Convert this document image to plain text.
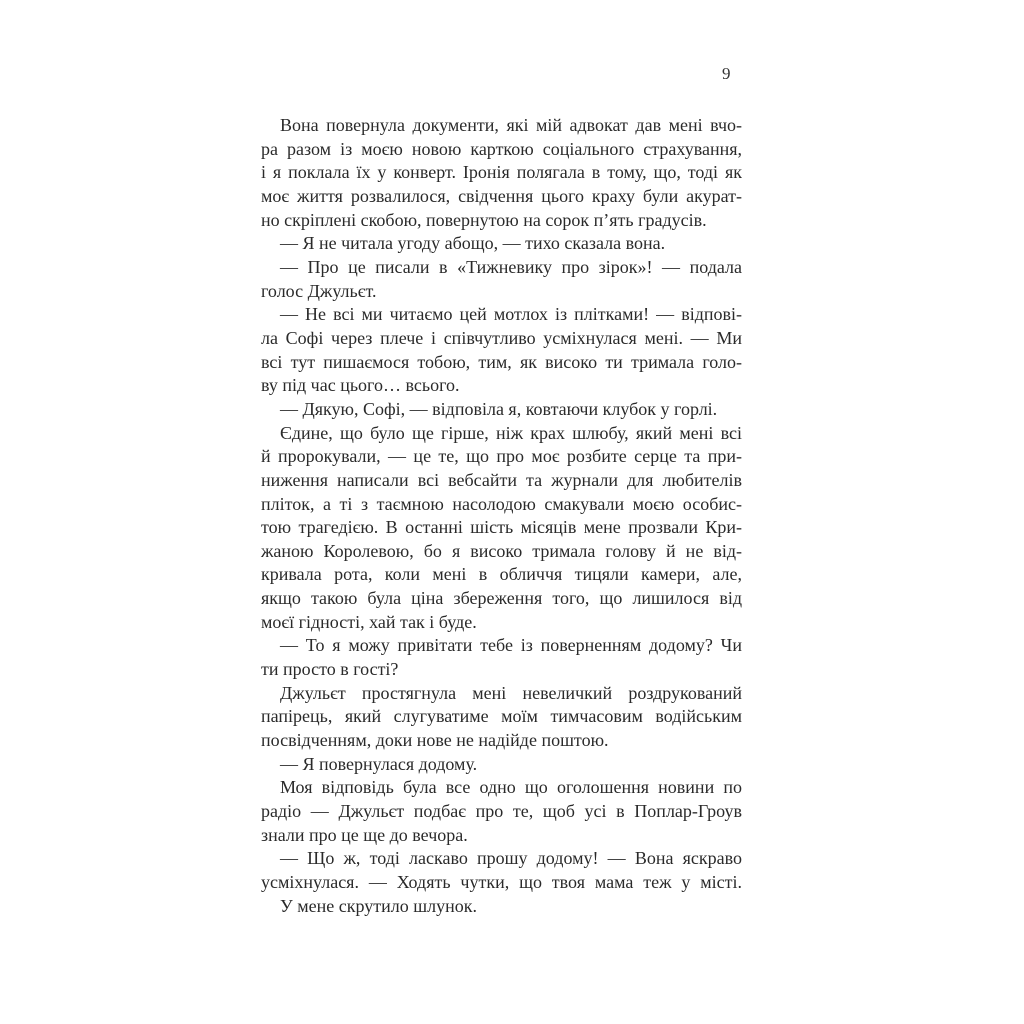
9
Вона повернула документи, які мій адвокат дав мені вчо-
ра разом із моєю новою карткою соціального страхування,
і я поклала їх у конверт. Іронія полягала в тому, що, тоді як
моє життя розвалилося, свідчення цього краху були акурат-
но скріплені скобою, повернутою на сорок п’ять градусів.
— Я не читала угоду абощо, — тихо сказала вона.
— Про це писали в «Тижневику про зірок»! — подала
голос Джульєт.
— Не всі ми читаємо цей мотлох із плітками! — відпові-
ла Софі через плече і співчутливо усміхнулася мені. — Ми
всі тут пишаємося тобою, тим, як високо ти тримала голо-
ву під час цього… всього.
— Дякую, Софі, — відповіла я, ковтаючи клубок у горлі.
Єдине, що було ще гірше, ніж крах шлюбу, який мені всі
й пророкували, — це те, що про моє розбите серце та при-
ниження написали всі вебсайти та журнали для любителів
пліток, а ті з таємною насолодою смакували моєю особис-
тою трагедією. В останні шість місяців мене прозвали Кри-
жаною Королевою, бо я високо тримала голову й не від-
кривала рота, коли мені в обличчя тицяли камери, але,
якщо такою була ціна збереження того, що лишилося від
моєї гідності, хай так і буде.
— То я можу привітати тебе із поверненням додому? Чи
ти просто в гості?
Джульєт простягнула мені невеличкий роздрукований
папірець, який слугуватиме моїм тимчасовим водійським
посвідченням, доки нове не надійде поштою.
— Я повернулася додому.
Моя відповідь була все одно що оголошення новини по
радіо — Джульєт подбає про те, щоб усі в Поплар-Гроув
знали про це ще до вечора.
— Що ж, тоді ласкаво прошу додому! — Вона яскраво
усміхнулася. — Ходять чутки, що твоя мама теж у місті.
У мене скрутило шлунок.
